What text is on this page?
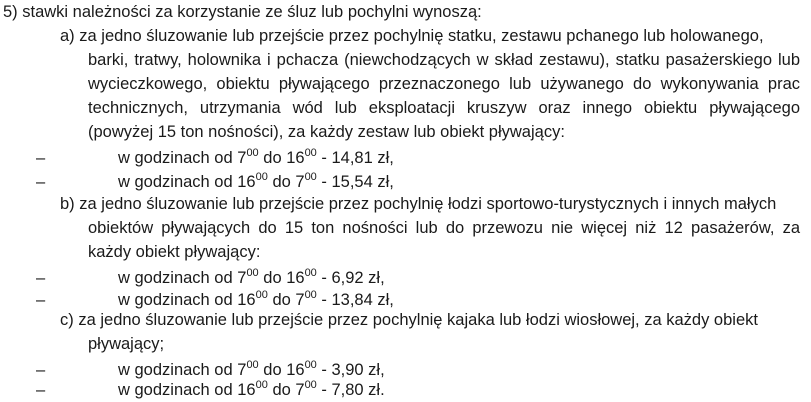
5) stawki należności za korzystanie ze śluz lub pochylni wynoszą:
a) za jedno śluzowanie lub przejście przez pochylnię statku, zestawu pchanego lub holowanego,
barki, tratwy, holownika i pchacza (niewchodzących w skład zestawu), statku pasażerskiego lub
wycieczkowego, obiektu pływającego przeznaczonego lub używanego do wykonywania prac
technicznych, utrzymania wód lub eksploatacji kruszyw oraz innego obiektu pływającego
(powyżej 15 ton nośności), za każdy zestaw lub obiekt pływający:
–	w godzinach od $7^{00}$ do $16^{00} - 14,81$ zł,
–	w godzinach od $16^{00}$ do $7^{00} - 15,54$ zł,
b) za jedno śluzowanie lub przejście przez pochylnię łodzi sportowo-turystycznych i innych małych
obiektów pływających do 15 ton nośności lub do przewozu nie więcej niż 12 pasażerów, za
każdy obiekt pływający:
–	w godzinach od $7^{00}$ do $16^{00} - 6,92$ zł,
–	w godzinach od $16^{00}$ do $7^{00} - 13,84$ zł,
c) za jedno śluzowanie lub przejście przez pochylnię kajaka lub łodzi wiosłowej, za każdy obiekt
pływający;
–	w godzinach od $7^{00}$ do $16^{00} - 3,90$ zł,
–	w godzinach od $16^{00}$ do $7^{00} - 7,80$ zł.
